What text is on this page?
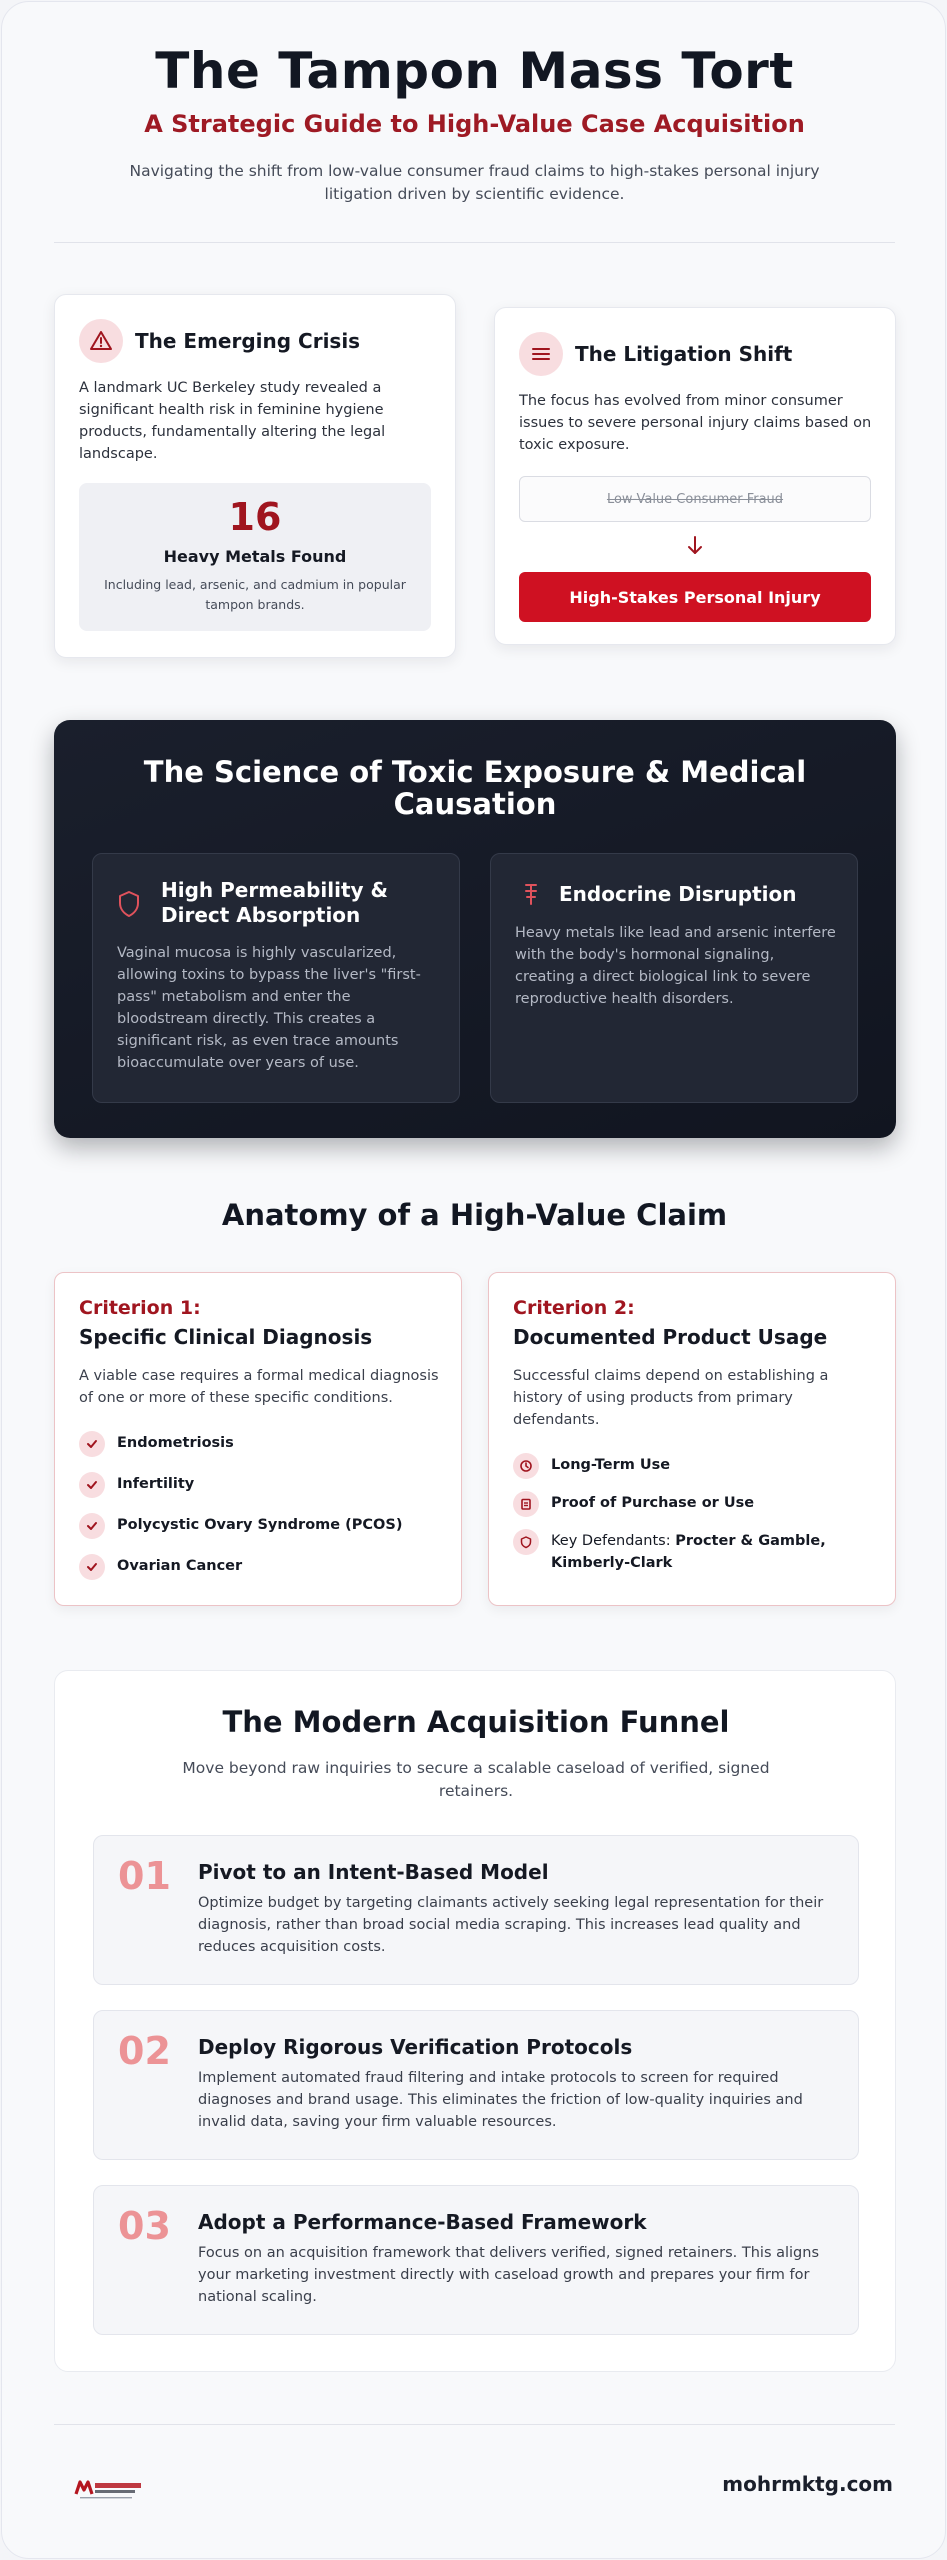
The Tampon Mass Tort
A Strategic Guide to High-Value Case Acquisition

Navigating the shift from low-value consumer fraud claims to high-stakes personal injury litigation driven by scientific evidence.

The Emerging Crisis
A landmark UC Berkeley study revealed a significant health risk in feminine hygiene products, fundamentally altering the legal landscape.
16
Heavy Metals Found
Including lead, arsenic, and cadmium in popular tampon brands.
The Litigation Shift
The focus has evolved from minor consumer issues to severe personal injury claims based on toxic exposure.
Low-Value Consumer Fraud
High-Stakes Personal Injury
The Science of Toxic Exposure & Medical Causation
High Permeability & Direct Absorption
Vaginal mucosa is highly vascularized, allowing toxins to bypass the liver's "first-pass" metabolism and enter the bloodstream directly. This creates a significant risk, as even trace amounts bioaccumulate over years of use.
Endocrine Disruption
Heavy metals like lead and arsenic interfere with the body's hormonal signaling, creating a direct biological link to severe reproductive health disorders.
Anatomy of a High-Value Claim
Criterion 1:
Specific Clinical Diagnosis
A viable case requires a formal medical diagnosis of one or more of these specific conditions.
Endometriosis
Infertility
Polycystic Ovary Syndrome (PCOS)
Ovarian Cancer
Criterion 2:
Documented Product Usage
Successful claims depend on establishing a history of using products from primary defendants.
Long-Term Use
Proof of Purchase or Use
Key Defendants: Procter & Gamble, Kimberly-Clark
The Modern Acquisition Funnel

Move beyond raw inquiries to secure a scalable caseload of verified, signed retainers.

01 Pivot to an Intent-Based Model
Optimize budget by targeting claimants actively seeking legal representation for their diagnosis, rather than broad social media scraping. This increases lead quality and reduces acquisition costs.
02 Deploy Rigorous Verification Protocols
Implement automated fraud filtering and intake protocols to screen for required diagnoses and brand usage. This eliminates the friction of low-quality inquiries and invalid data, saving your firm valuable resources.
03 Adopt a Performance-Based Framework
Focus on an acquisition framework that delivers verified, signed retainers. This aligns your marketing investment directly with caseload growth and prepares your firm for national scaling.
mohrmktg.com
